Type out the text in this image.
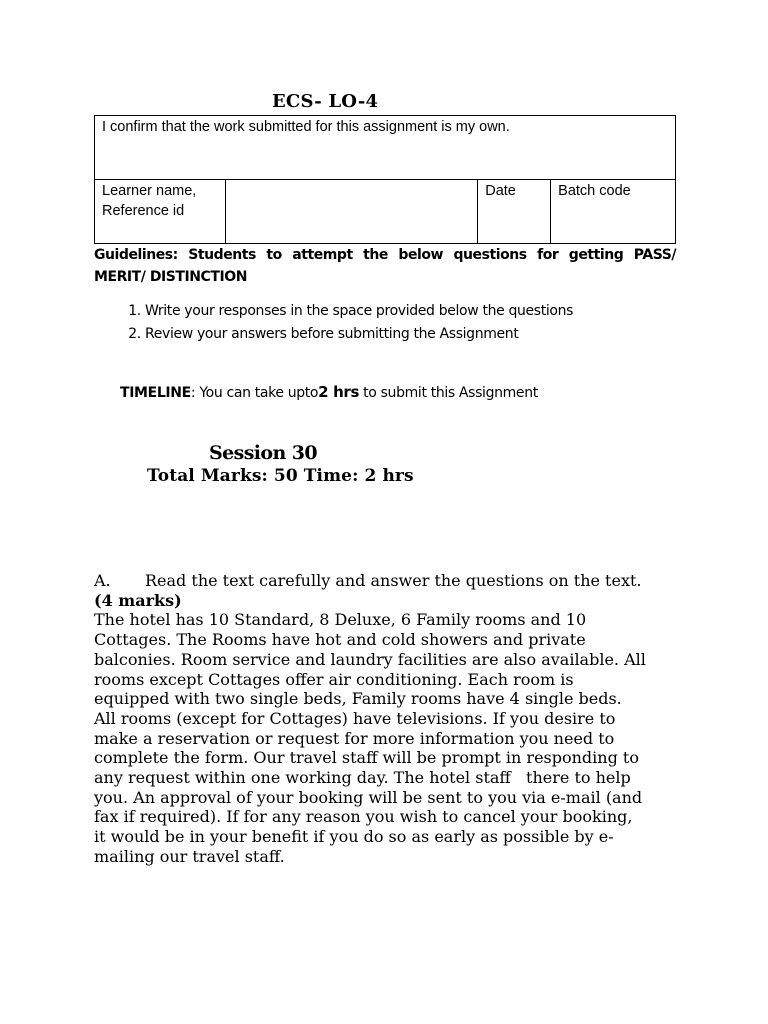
ECS- LO-4
I confirm that the work submitted for this assignment is my own.

Learner name,
Reference id
		Date	Batch code
Guidelines: Students to attempt the below questions for getting PASS/ MERIT/ DISTINCTION
1. Write your responses in the space provided below the questions
2. Review your answers before submitting the Assignment
TIMELINE: You can take upto2 hrs to submit this Assignment
Session 30
Total Marks: 50 Time: 2 hrs
A. Read the text carefully and answer the questions on the text.
(4 marks)
The hotel has 10 Standard, 8 Deluxe, 6 Family rooms and 10
Cottages. The Rooms have hot and cold showers and private
balconies. Room service and laundry facilities are also available. All
rooms except Cottages offer air conditioning. Each room is
equipped with two single beds, Family rooms have 4 single beds.
All rooms (except for Cottages) have televisions. If you desire to
make a reservation or request for more information you need to
complete the form. Our travel staff will be prompt in responding to
any request within one working day. The hotel staff   there to help
you. An approval of your booking will be sent to you via e-mail (and
fax if required). If for any reason you wish to cancel your booking,
it would be in your benefit if you do so as early as possible by e-
mailing our travel staff.
